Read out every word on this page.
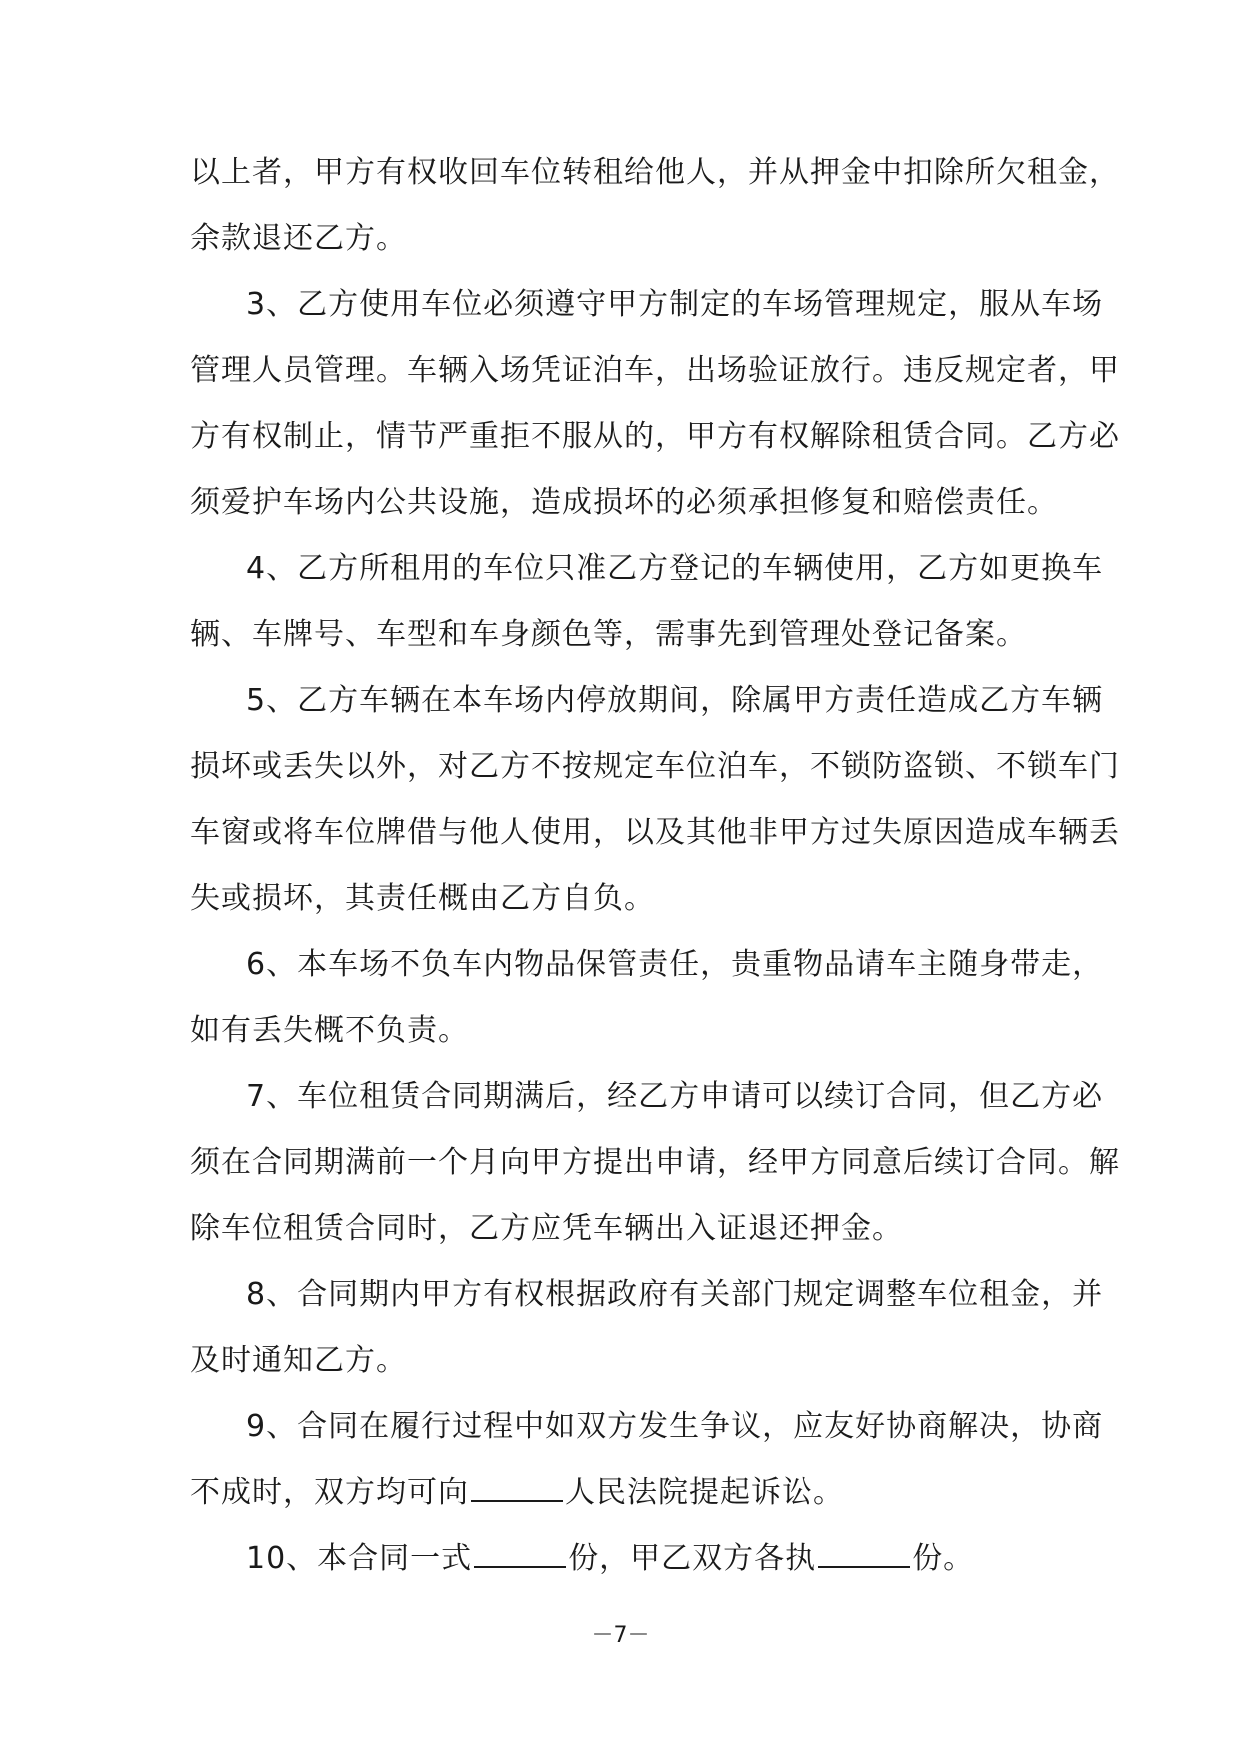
以上者，甲方有权收回车位转租给他人，并从押金中扣除所欠租金，
余款退还乙方。
3、乙方使用车位必须遵守甲方制定的车场管理规定，服从车场
管理人员管理。车辆入场凭证泊车，出场验证放行。违反规定者，甲
方有权制止，情节严重拒不服从的，甲方有权解除租赁合同。乙方必
须爱护车场内公共设施，造成损坏的必须承担修复和赔偿责任。
4、乙方所租用的车位只准乙方登记的车辆使用，乙方如更换车
辆、车牌号、车型和车身颜色等，需事先到管理处登记备案。
5、乙方车辆在本车场内停放期间，除属甲方责任造成乙方车辆
损坏或丢失以外，对乙方不按规定车位泊车，不锁防盗锁、不锁车门
车窗或将车位牌借与他人使用，以及其他非甲方过失原因造成车辆丢
失或损坏，其责任概由乙方自负。
6、本车场不负车内物品保管责任，贵重物品请车主随身带走，
如有丢失概不负责。
7、车位租赁合同期满后，经乙方申请可以续订合同，但乙方必
须在合同期满前一个月向甲方提出申请，经甲方同意后续订合同。解
除车位租赁合同时，乙方应凭车辆出入证退还押金。
8、合同期内甲方有权根据政府有关部门规定调整车位租金，并
及时通知乙方。
9、合同在履行过程中如双方发生争议，应友好协商解决，协商
不成时，双方均可向	人民法院提起诉讼。
10、本合同一式	份，甲乙双方各执	份。
－7－
